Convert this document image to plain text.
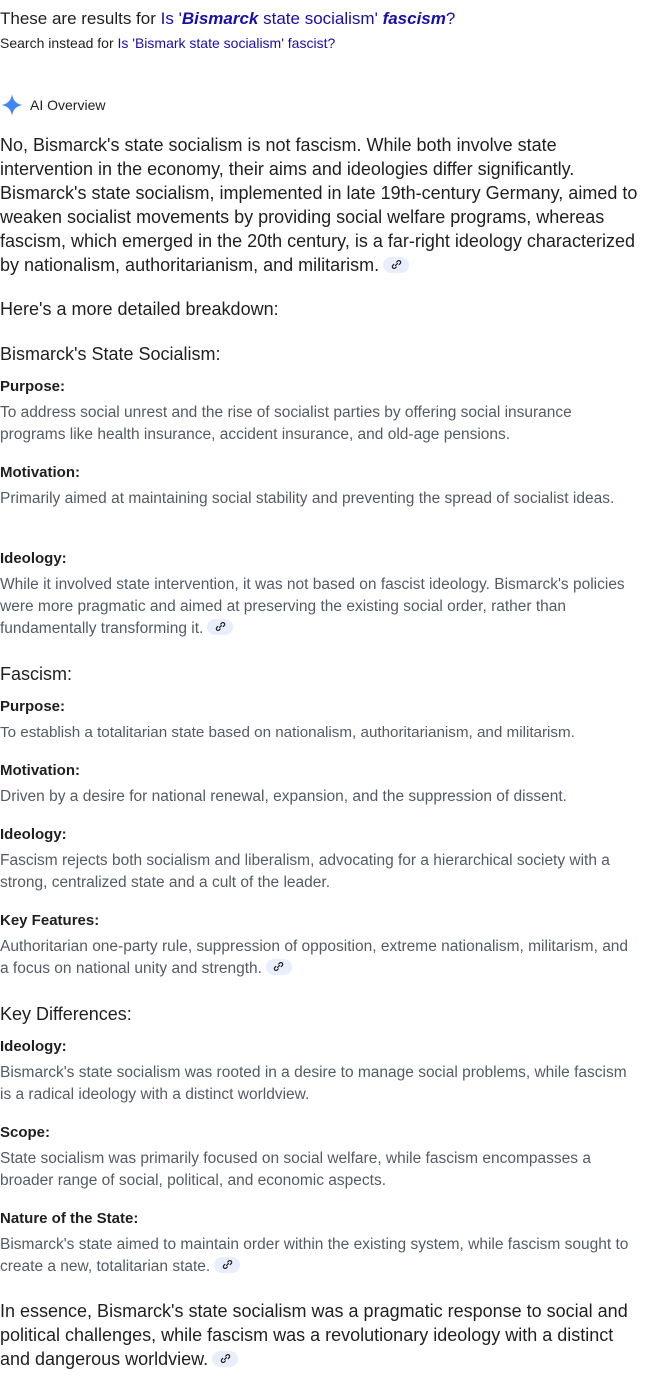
These are results for Is 'Bismarck state socialism' fascism?
Search instead for Is 'Bismark state socialism' fascist?
AI Overview

No, Bismarck's state socialism is not fascism. While both involve state intervention in the economy, their aims and ideologies differ significantly. Bismarck's state socialism, implemented in late 19th-century Germany, aimed to weaken socialist movements by providing social welfare programs, whereas fascism, which emerged in the 20th century, is a far-right ideology characterized by nationalism, authoritarianism, and militarism.

Here's a more detailed breakdown:

Bismarck's State Socialism:
Purpose:

To address social unrest and the rise of socialist parties by offering social insurance programs like health insurance, accident insurance, and old-age pensions.

Motivation:

Primarily aimed at maintaining social stability and preventing the spread of socialist ideas.

Ideology:

While it involved state intervention, it was not based on fascist ideology. Bismarck's policies were more pragmatic and aimed at preserving the existing social order, rather than fundamentally transforming it.

Fascism:
Purpose:

To establish a totalitarian state based on nationalism, authoritarianism, and militarism.

Motivation:

Driven by a desire for national renewal, expansion, and the suppression of dissent.

Ideology:

Fascism rejects both socialism and liberalism, advocating for a hierarchical society with a strong, centralized state and a cult of the leader.

Key Features:

Authoritarian one-party rule, suppression of opposition, extreme nationalism, militarism, and a focus on national unity and strength.

Key Differences:
Ideology:

Bismarck's state socialism was rooted in a desire to manage social problems, while fascism is a radical ideology with a distinct worldview.

Scope:

State socialism was primarily focused on social welfare, while fascism encompasses a broader range of social, political, and economic aspects.

Nature of the State:

Bismarck's state aimed to maintain order within the existing system, while fascism sought to create a new, totalitarian state.

In essence, Bismarck's state socialism was a pragmatic response to social and political challenges, while fascism was a revolutionary ideology with a distinct and dangerous worldview.
